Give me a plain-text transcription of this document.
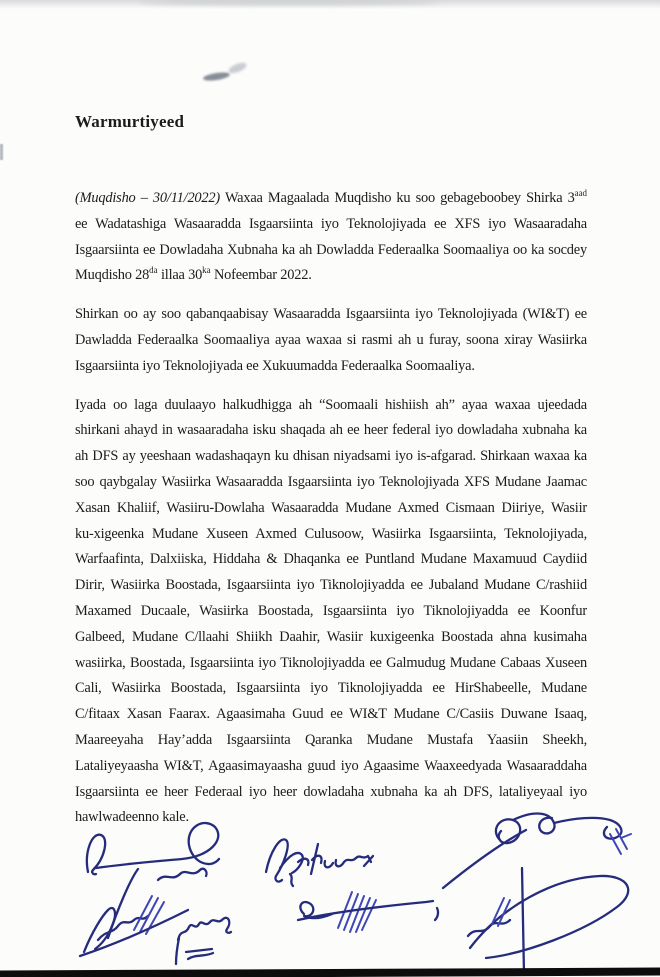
Warmurtiyeed
(Muqdisho – 30/11/2022) Waxaa Magaalada Muqdisho ku soo gebageboobey Shirka $3^{aad}$
ee Wadatashiga Wasaaradda Isgaarsiinta iyo Teknolojiyada ee XFS iyo Wasaaradaha
Isgaarsiinta ee Dowladaha Xubnaha ka ah Dowladda Federaalka Soomaaliya oo ka socdey
Muqdisho $28^{da}$ illaa $30^{ka}$ Nofeembar 2022.
Shirkan oo ay soo qabanqaabisay Wasaaradda Isgaarsiinta iyo Teknolojiyada (WI&T) ee
Dawladda Federaalka Soomaaliya ayaa waxaa si rasmi ah u furay, soona xiray Wasiirka
Isgaarsiinta iyo Teknolojiyada ee Xukuumadda Federaalka Soomaaliya.
Iyada oo laga duulaayo halkudhigga ah “Soomaali hishiish ah” ayaa waxaa ujeedada
shirkani ahayd in wasaaradaha isku shaqada ah ee heer federal iyo dowladaha xubnaha ka
ah DFS ay yeeshaan wadashaqayn ku dhisan niyadsami iyo is-afgarad. Shirkaan waxaa ka
soo qaybgalay Wasiirka Wasaaradda Isgaarsiinta iyo Teknolojiyada XFS Mudane Jaamac
Xasan Khaliif, Wasiiru-Dowlaha Wasaaradda Mudane Axmed Cismaan Diiriye, Wasiir
ku-xigeenka Mudane Xuseen Axmed Culusoow, Wasiirka Isgaarsiinta, Teknolojiyada,
Warfaafinta, Dalxiiska, Hiddaha & Dhaqanka ee Puntland Mudane Maxamuud Caydiid
Dirir, Wasiirka Boostada, Isgaarsiinta iyo Tiknolojiyadda ee Jubaland Mudane C/rashiid
Maxamed Ducaale, Wasiirka Boostada, Isgaarsiinta iyo Tiknolojiyadda ee Koonfur
Galbeed, Mudane C/llaahi Shiikh Daahir, Wasiir kuxigeenka Boostada ahna kusimaha
wasiirka, Boostada, Isgaarsiinta iyo Tiknolojiyadda ee Galmudug Mudane Cabaas Xuseen
Cali, Wasiirka Boostada, Isgaarsiinta iyo Tiknolojiyadda ee HirShabeelle, Mudane
C/fitaax Xasan Faarax. Agaasimaha Guud ee WI&T Mudane C/Casiis Duwane Isaaq,
Maareeyaha Hay’adda Isgaarsiinta Qaranka Mudane Mustafa Yaasiin Sheekh,
Lataliyeyaasha WI&T, Agaasimayaasha guud iyo Agaasime Waaxeedyada Wasaaraddaha
Isgaarsiinta ee heer Federaal iyo heer dowladaha xubnaha ka ah DFS, lataliyeyaal iyo
hawlwadeenno kale.
